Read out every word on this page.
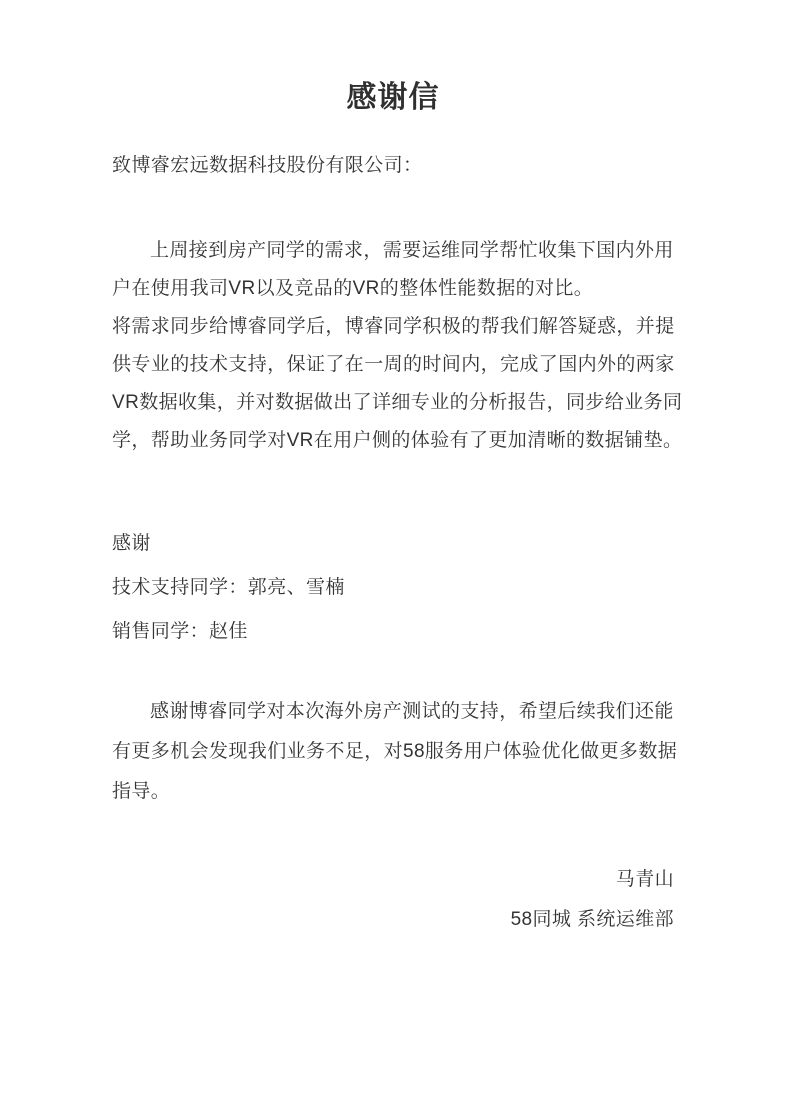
感谢信
致博睿宏远数据科技股份有限公司：
上周接到房产同学的需求，需要运维同学帮忙收集下国内外用
户在使用我司VR以及竞品的VR的整体性能数据的对比。
将需求同步给博睿同学后，博睿同学积极的帮我们解答疑惑，并提
供专业的技术支持，保证了在一周的时间内，完成了国内外的两家
VR数据收集，并对数据做出了详细专业的分析报告，同步给业务同
学，帮助业务同学对VR在用户侧的体验有了更加清晰的数据铺垫。
感谢
技术支持同学：郭亮、雪楠
销售同学：赵佳
感谢博睿同学对本次海外房产测试的支持，希望后续我们还能
有更多机会发现我们业务不足，对58服务用户体验优化做更多数据
指导。
马青山
58同城 系统运维部
